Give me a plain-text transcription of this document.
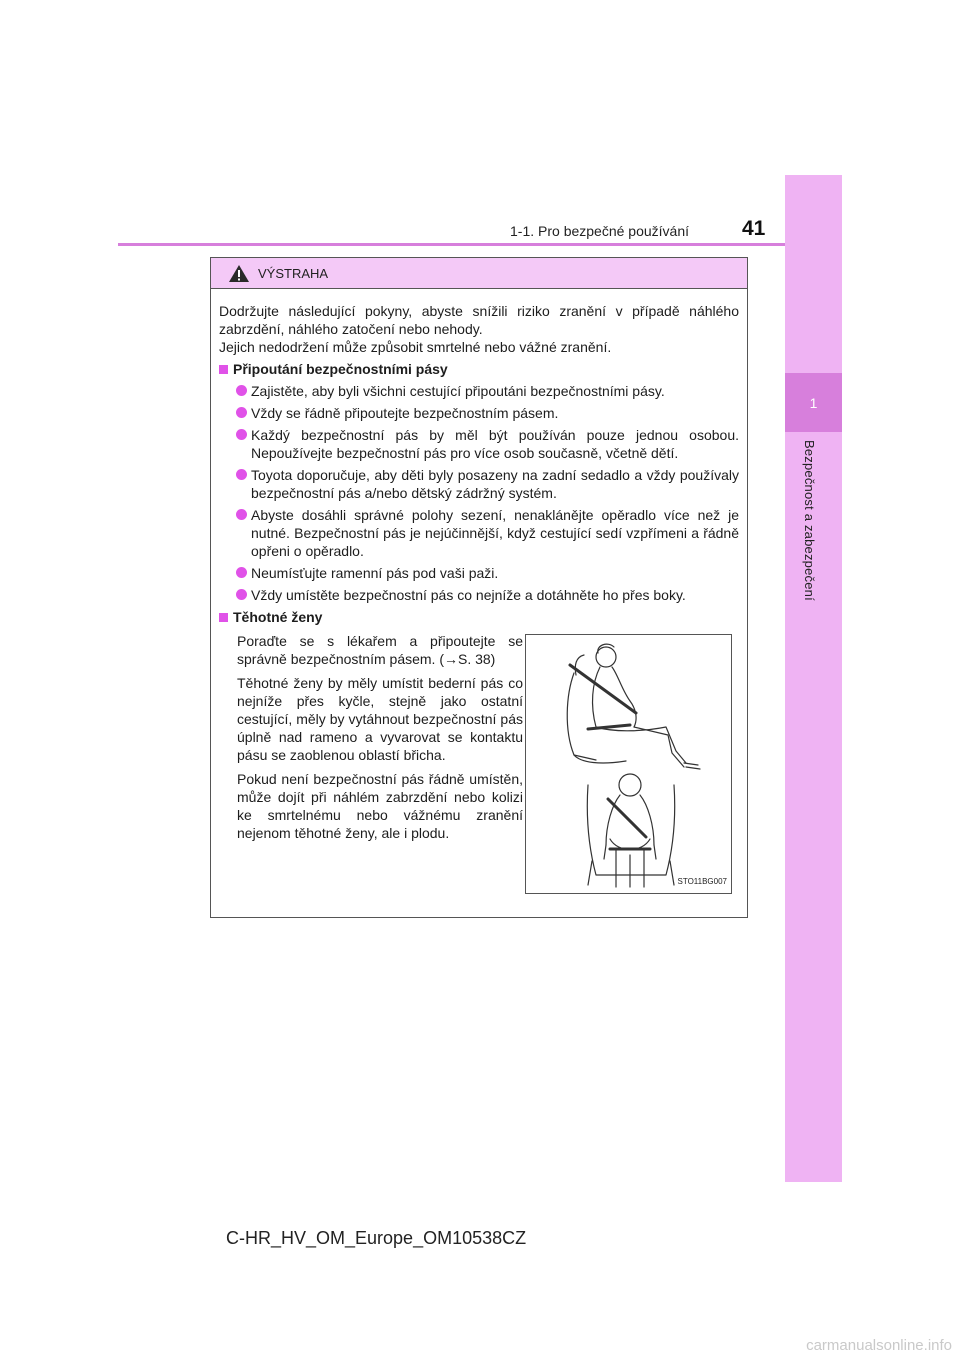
1
Bezpečnost a zabezpečení
1-1. Pro bezpečné používání	41
VÝSTRAHA

Dodržujte následující pokyny, abyste snížili riziko zranění v případě náhlého zabrzdění, náhlého zatočení nebo nehody.

Jejich nedodržení může způsobit smrtelné nebo vážné zranění.

Připoutání bezpečnostními pásy
Zajistěte, aby byli všichni cestující připoutáni bezpečnostními pásy.
Vždy se řádně připoutejte bezpečnostním pásem.
Každý bezpečnostní pás by měl být používán pouze jednou osobou. Nepoužívejte bezpečnostní pás pro více osob současně, včetně dětí.
Toyota doporučuje, aby děti byly posazeny na zadní sedadlo a vždy používaly bezpečnostní pás a/nebo dětský zádržný systém.
Abyste dosáhli správné polohy sezení, nenaklánějte opěradlo více než je nutné. Bezpečnostní pás je nejúčinnější, když cestující sedí vzpřímeni a řádně opřeni o opěradlo.
Neumísťujte ramenní pás pod vaši paži.
Vždy umístěte bezpečnostní pás co nejníže a dotáhněte ho přes boky.
Těhotné ženy

Poraďte se s lékařem a připoutejte se správně bezpečnostním pásem. (→S. 38)

Těhotné ženy by měly umístit bederní pás co nejníže přes kyčle, stejně jako ostatní cestující, měly by vytáhnout bezpečnostní pás úplně nad rameno a vyvarovat se kontaktu pásu se zaoblenou oblastí břicha.

Pokud není bezpečnostní pás řádně umístěn, může dojít při náhlém zabrzdění nebo kolizi ke smrtelnému nebo vážnému zranění nejenom těhotné ženy, ale i plodu.

STO11BG007
C-HR_HV_OM_Europe_OM10538CZ
carmanualsonline.info
